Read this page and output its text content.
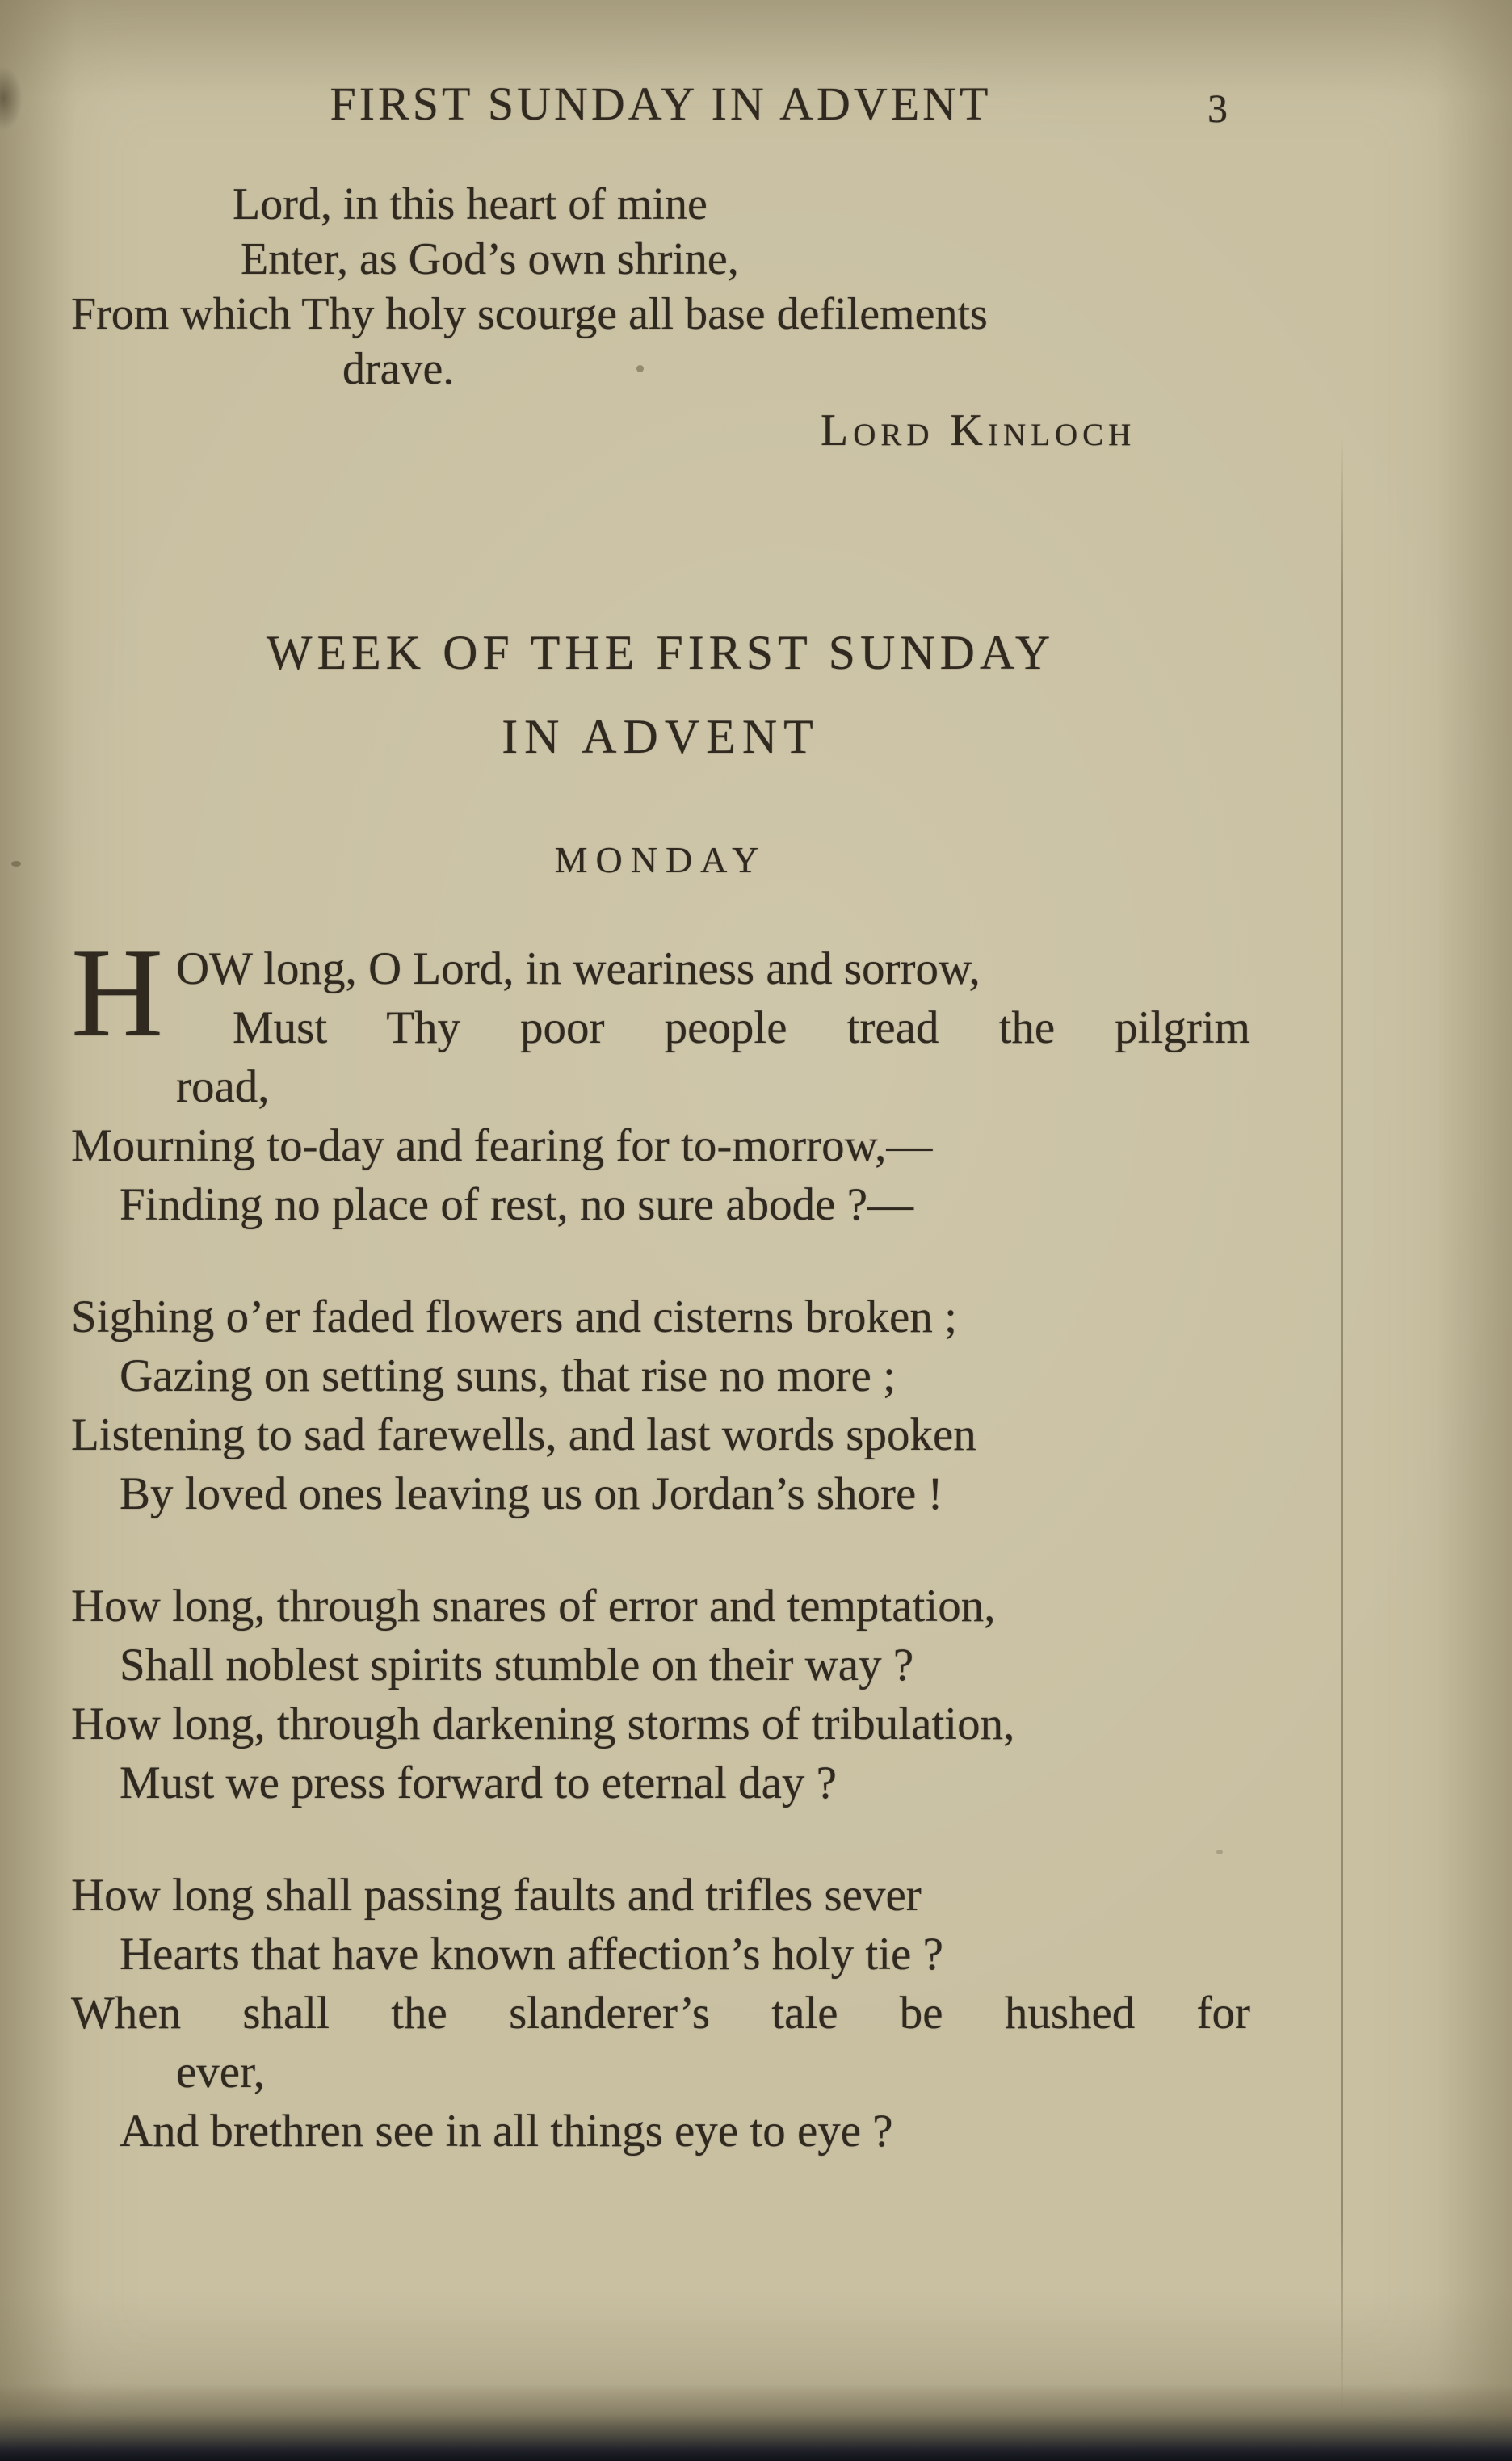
FIRST SUNDAY IN ADVENT	3
Lord, in this heart of mine
Enter, as God’s own shrine,
From which Thy holy scourge all base defilements
drave.
Lord Kinloch
WEEK OF THE FIRST SUNDAY
IN ADVENT
MONDAY
H OW long, O Lord, in weariness and sorrow,
Must Thy poor people tread the pilgrim
road,
Mourning to-day and fearing for to-morrow,—
Finding no place of rest, no sure abode ?—
Sighing o’er faded flowers and cisterns broken ;
Gazing on setting suns, that rise no more ;
Listening to sad farewells, and last words spoken
By loved ones leaving us on Jordan’s shore !
How long, through snares of error and temptation,
Shall noblest spirits stumble on their way ?
How long, through darkening storms of tribulation,
Must we press forward to eternal day ?
How long shall passing faults and trifles sever
Hearts that have known affection’s holy tie ?
When shall the slanderer’s tale be hushed for
ever,
And brethren see in all things eye to eye ?
